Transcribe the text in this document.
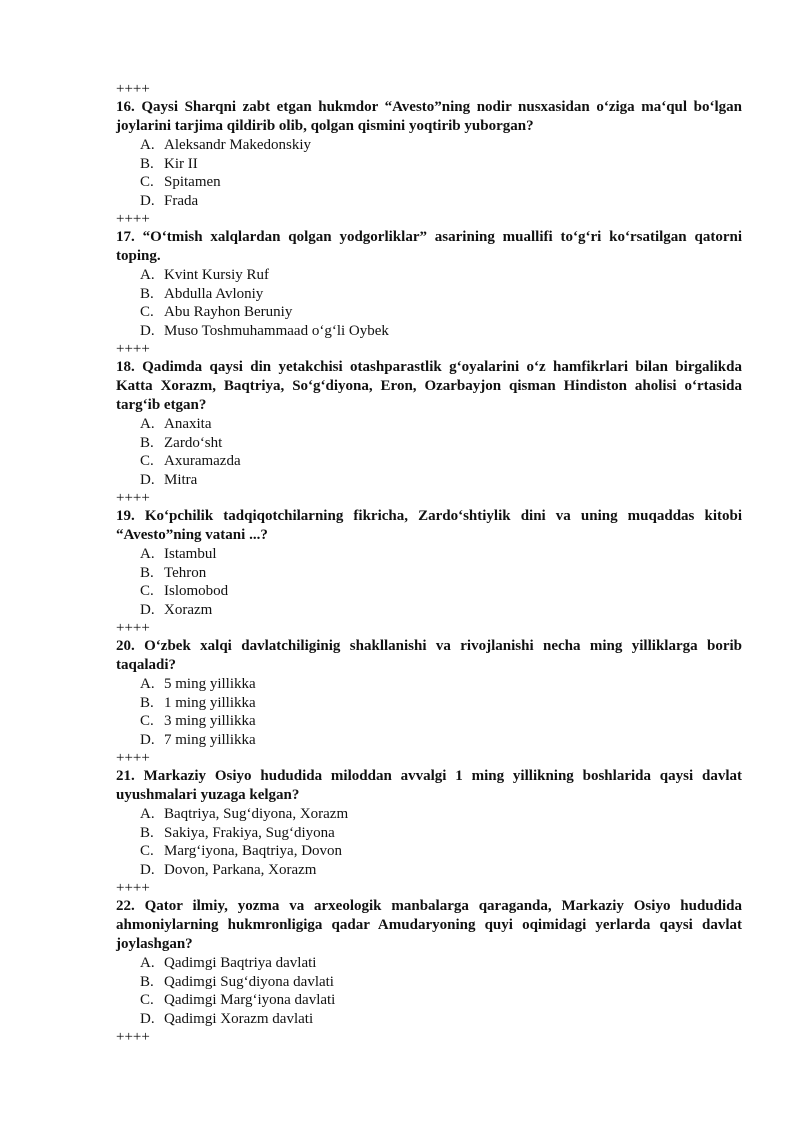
++++
16. Qaysi Sharqni zabt etgan hukmdor “Avesto”ning nodir nusxasidan o‘ziga ma‘qul bo‘lgan joylarini tarjima qildirib olib, qolgan qismini yoqtirib yuborgan?
A. Aleksandr Makedonskiy
B. Kir II
C. Spitamen
D. Frada
++++
17. “O‘tmish xalqlardan qolgan yodgorliklar” asarining muallifi to‘g‘ri ko‘rsatilgan qatorni toping.
A. Kvint Kursiy Ruf
B. Abdulla Avloniy
C. Abu Rayhon Beruniy
D. Muso Toshmuhammaad o‘g‘li Oybek
++++
18. Qadimda qaysi din yetakchisi otashparastlik g‘oyalarini o‘z hamfikrlari bilan birgalikda Katta Xorazm, Baqtriya, So‘g‘diyona, Eron, Ozarbayjon qisman Hindiston aholisi o‘rtasida targ‘ib etgan?
A. Anaxita
B. Zardo‘sht
C. Axuramazda
D. Mitra
++++
19. Ko‘pchilik tadqiqotchilarning fikricha, Zardo‘shtiylik dini va uning muqaddas kitobi “Avesto”ning vatani ...?
A. Istambul
B. Tehron
C. Islomobod
D. Xorazm
++++
20. O‘zbek xalqi davlatchiliginig shakllanishi va rivojlanishi necha ming yilliklarga borib taqaladi?
A. 5 ming yillikka
B. 1 ming yillikka
C. 3 ming yillikka
D. 7 ming yillikka
++++
21. Markaziy Osiyo hududida miloddan avvalgi 1 ming yillikning boshlarida qaysi davlat uyushmalari yuzaga kelgan?
A. Baqtriya, Sug‘diyona, Xorazm
B. Sakiya, Frakiya, Sug‘diyona
C. Marg‘iyona, Baqtriya, Dovon
D. Dovon, Parkana, Xorazm
++++
22. Qator ilmiy, yozma va arxeologik manbalarga qaraganda, Markaziy Osiyo hududida ahmoniylarning hukmronligiga qadar Amudaryoning quyi oqimidagi yerlarda qaysi davlat joylashgan?
A. Qadimgi Baqtriya davlati
B. Qadimgi Sug‘diyona davlati
C. Qadimgi Marg‘iyona davlati
D. Qadimgi Xorazm davlati
++++
